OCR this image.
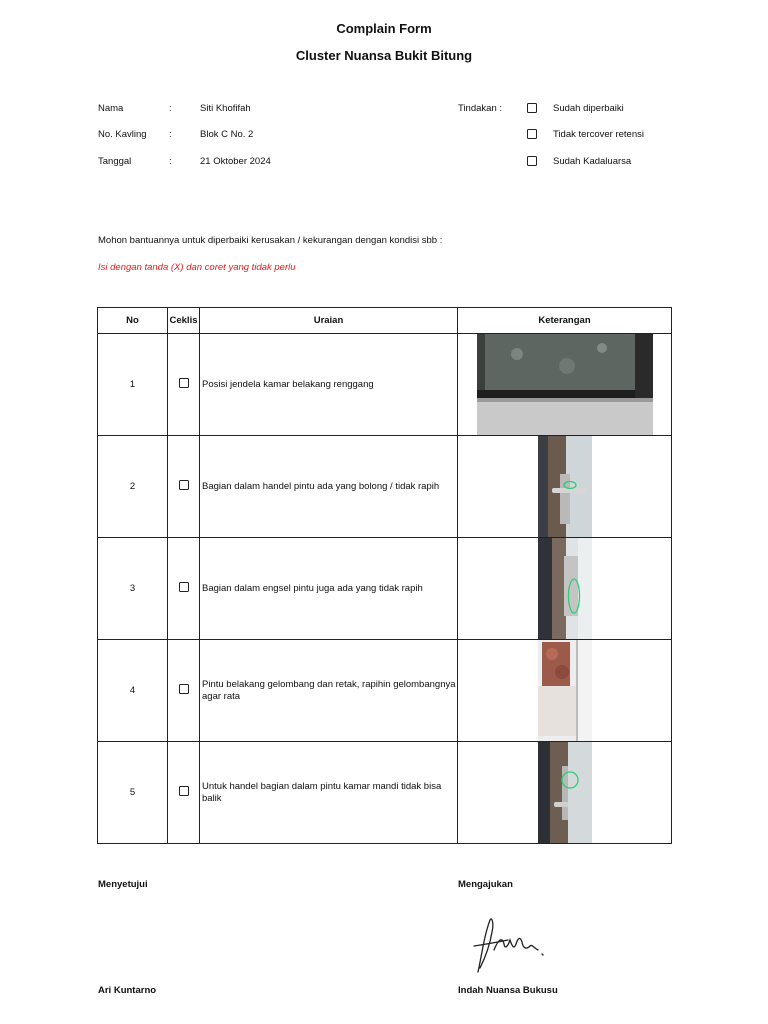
Complain Form
Cluster Nuansa Bukit Bitung
Nama	:	Siti Khofifah
No. Kavling :	Blok C No. 2
Tanggal	:	21 Oktober 2024
Tindakan :	Sudah diperbaiki
Tidak tercover retensi
Sudah Kadaluarsa
Mohon bantuannya untuk diperbaiki kerusakan / kekurangan dengan kondisi sbb :
Isi dengan tanda (X) dan coret yang tidak perlu
No	Ceklis	Uraian	Keterangan
1		Posisi jendela kamar belakang renggang

2		Bagian dalam handel pintu ada yang bolong / tidak rapih

3		Bagian dalam engsel pintu juga ada yang tidak rapih

4		Pintu belakang gelombang dan retak, rapihin gelombangnya agar rata

5		Untuk handel bagian dalam pintu kamar mandi tidak bisa balik

Menyetujui	Mengajukan
Ari Kuntarno	Indah Nuansa Bukusu
